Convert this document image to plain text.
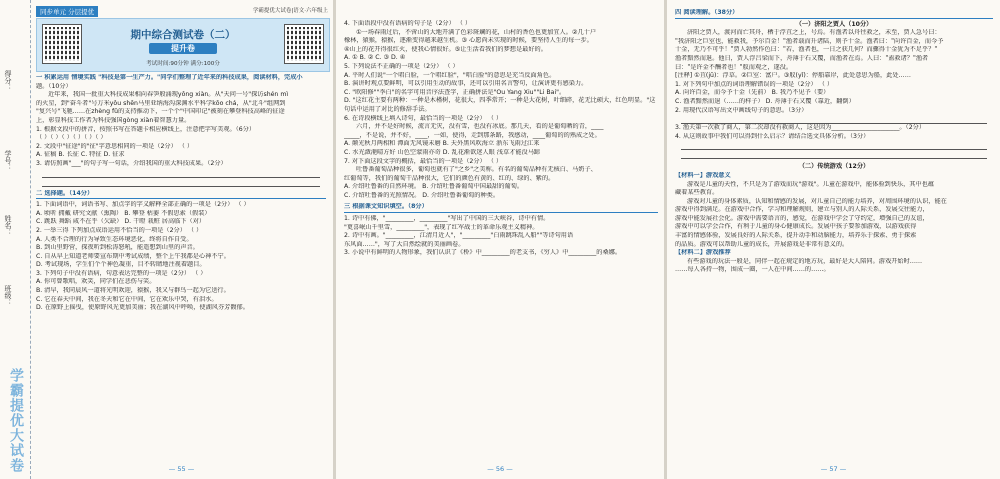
得分：
学号：
姓名：
班级：
学霸提优大试卷
同步单元 分层提优	学霸提优大试卷|语文·六年级上
期中综合测试卷（二）
提升卷
考试时间:90分钟 满分:100分
一 积累运用 情境实践 "科技是第一生产力。"同学们整理了近年来的科技成果，阅读材料，完成小
题。（10分）
近年来，我国一批重大科技成果相向春笋般涌现yǒng xiàn。从"天问一号"探访shén mì
的火星，到"奋斗者"号万米yǒu shēn马里亚纳海沟深渊水平科学kōo chá，从"北斗"组网到
"复兴号"飞驰……在zhèng fǔ的支持推动下，一个个"中国印记"被刻在攀登科技高峰的征途
上，彰显科技工作者为科技强国gòng xiàn着智慧力量。
1. 根据文段中的拼音，按照书写在答题卡相应横线上，注意把字写美观。（6分）
（ ）（ ）（ ）（ ）（ ）（ ）
2. 文段中"征途"的"征"字意思相同的一项是（2分） （ ）
A. 征稿 B. 长征 C. 特征 D. 征求
3. 请仿照画"___"的句子写一句话，介绍我国的重大科技成果。（2分）
二 选择题。（14分）
1. 下面词语中，词语书写、加点字的字义解释全部正确的一项是（2分） （ ）
A. 顷听 拥戴 研究文献（熏陶） B. 攀登 枯萎 不假思索（假装）
C. 跳跃 舞蹈 咸不在乎（欠缺） D. 干瞪 栽赃 居高临下（对）
2. 一举三得 下列加点成语运用不恰当的一项是（2分） （ ）
A. 人类不合理的行为导致生态环境恶化，终将自作自受。
B. 到山里野营，探夜听到松涛怒吼，能遥想到山里的声音。
C. 自从早上知道老师要宣布期中考试成绩，整个上午我都是心神不宁。
D. 考试现场，学生们个个神色凝重，目不转睛地注视着题目。
3. 下列句子中没有语病，句意表达完整的一项是（2分） （ ）
A. 你可曾歌唱，欢笑，同学们在悲伤与笑。
B. 清早，我同晨风一道将光明欢迎，猿猴，我又与群鸟一起为它送行。
C. 它在春天中间，我在冬天和它在中间，它在欢乐中哭，有泪水。
D. 在原野上摇曳，使原野风光更加美丽；我在湖风中呼唤，使湖风芬芳馥郁。
— 55 —
4. 下面语段中没有语病的句子是（2分） （ ）
①一场春雨过后，不啻山的大地开满了色彩斑斓的花，山村的香色也更加宜人。②几十户
橡林，猿猴，猿猴，逐渐变得越来越生机。③ 心愿尚未实现的时候，要坚持人生的每一步。
④山上的花开得很红火，使我心情很好。⑤让生活看我们的梦想是最好的。
A. ① B. ② C. ③ D. ④
5. 下列说法不正确的一项是（2分） （ ）
A. 平时人们说"一个唱白脸，一个唱红脸"，"唱白脸"的意思是充当反面角色。
B. 演讲时观点要鲜明，可以引用生动的故事，还可以引用名言警句，让演讲更有感染力。
C. "欧阳修""李白"的名字可用音序法查字，正确拼法是"Ou Yang Xiu""Li Bai"。
D. "这红花主要有两种：一种是木槿树，花很大，四季常开；一种是大花树，叶细碎，花无比硕大，红色明显。"这句话中运用了对比的修辞手法。
6. 在诗段横线上填入诗句，最恰当的一项是（2分） （ ）
六月，并不是好时候，流言无灾，没有雪，也没有冰底。那几天，看的是葡萄晒的青，____
_____，不是说，并不好，____，一如，使得，走到那条路，我感动，____葡萄的的熟成之处。
A. 颠光秋月两相和 潭面无风镜未磨 B. 天外黑风吹海立 浙东飞雨过江来
C. 水光潋滟晴方好 山色空蒙雨亦奇 D. 乱花渐欲迷人眼 浅草才能没马蹄
7. 对下面这段文字的概括，最恰当的一项是（2分） （ ）
吐鲁番葡萄品种很多，葡萄也就有了"之乡"之美称。有名的葡萄品种有无核白、马奶子、
红葡萄等，我们的葡萄干品种很大，它们的颜色有黄的、红的、绿的、紫的。
A. 介绍吐鲁番的自然环境。 B. 介绍吐鲁番葡萄中国最甜的葡萄。
C. 介绍吐鲁番的光照情况。 D. 介绍吐鲁番葡萄的种类。
三 根据课文知识填空。（8分）
1. 诗中有佛，"_________，_________"写出了中国的三大峡谷，诗中有情。
"更喜岷山千里雪，_________"，表现了红军战士的革命乐观主义精神。
2. 诗中有画。"_________，江清月近人"，"_________"白雨跳珠乱入船""等诗句用语
东风面……"，写了大自然绘就的美丽画卷。
3. 小说中有鲜明的人物形象，我们认识了《桥》中_________的老支书，《穷人》中_________的桑娜。
— 56 —
四 阅读理解。（38分）
（一）济阳之贾人（10分）
济阳之贾人，渡河而亡其舟，栖于浮苴之上，号焉。有渔者以舟往救之，未至，贾人急号曰：
"我济阳之巨室也，能救我，予尔百金！"渔者载而升诸陆，则予十金。渔者曰："向许百金，而今予
十金，无乃不可乎！"贾人勃然作色曰："若，渔者也，一日之获几何？而骤得十金犹为不足乎？"
渔者黯然而退。他日，贾人浮吕梁而下，舟薄于石又覆，而渔者在焉。人曰："盍救诸？"渔者
曰："是许金不酬者也！"舣而观之，遂没。
[注释] ①苴(jū)：浮草。②巨室：富户。③舣(yǐ)：停船靠岸，此处意思为船，此处……
1. 对下列句中加点的词语理解错误的一项是（2分） （ ）
A. 向许百金，而今予十金（先前） B. 我乃不见予（要）
C. 渔者黯然而退（……的样子） D. 舟薄于石又覆（靠近，翻倒）
2. 用现代汉语写出文中画线句子的意思。（3分）
3. 渔夫第一次救了商人，第二次却没有救商人，这是因为______________________。（2分）
4. 从这则故事中我们可以得到什么启示？请结合选文具体分析。（3分）
（二）传统游戏（12分）
【材料一】游戏意义
游戏是儿童的天性，不只是为了游戏而玩"游戏"。儿童在游戏中，能体验到快乐，其中也蕴
藏着某些教育。
游戏对儿童的身体素质，认知和情感的发展，对儿童自己的能力培养，对周围环境的认识，能在
游戏中得到满足。在游戏中合作，学习和理解规则，建立与别人的人际关系，发展交往能力，
游戏中能发展社会化。游戏中需要语言的，感觉，在游戏中学会了守约定，增强自己的友谊，
游戏中可以学会合作，有利于儿童的身心健康成长。发展中孩子要参加游戏，以游戏获得
丰富的情感体验，发展良好的人际关系，提升动手和动脑能力，培养乐于探索、勇于探索
的品质。游戏可以帮助儿童的成长，开展游戏是非常有意义的。
【材料二】游戏推荐
有些游戏的玩法一般是，同伴一起在规定的地方玩，最好是大人陪同。游戏开始时……
……每人各持一物，围成一圈，一人在中间……的……。
— 57 —
